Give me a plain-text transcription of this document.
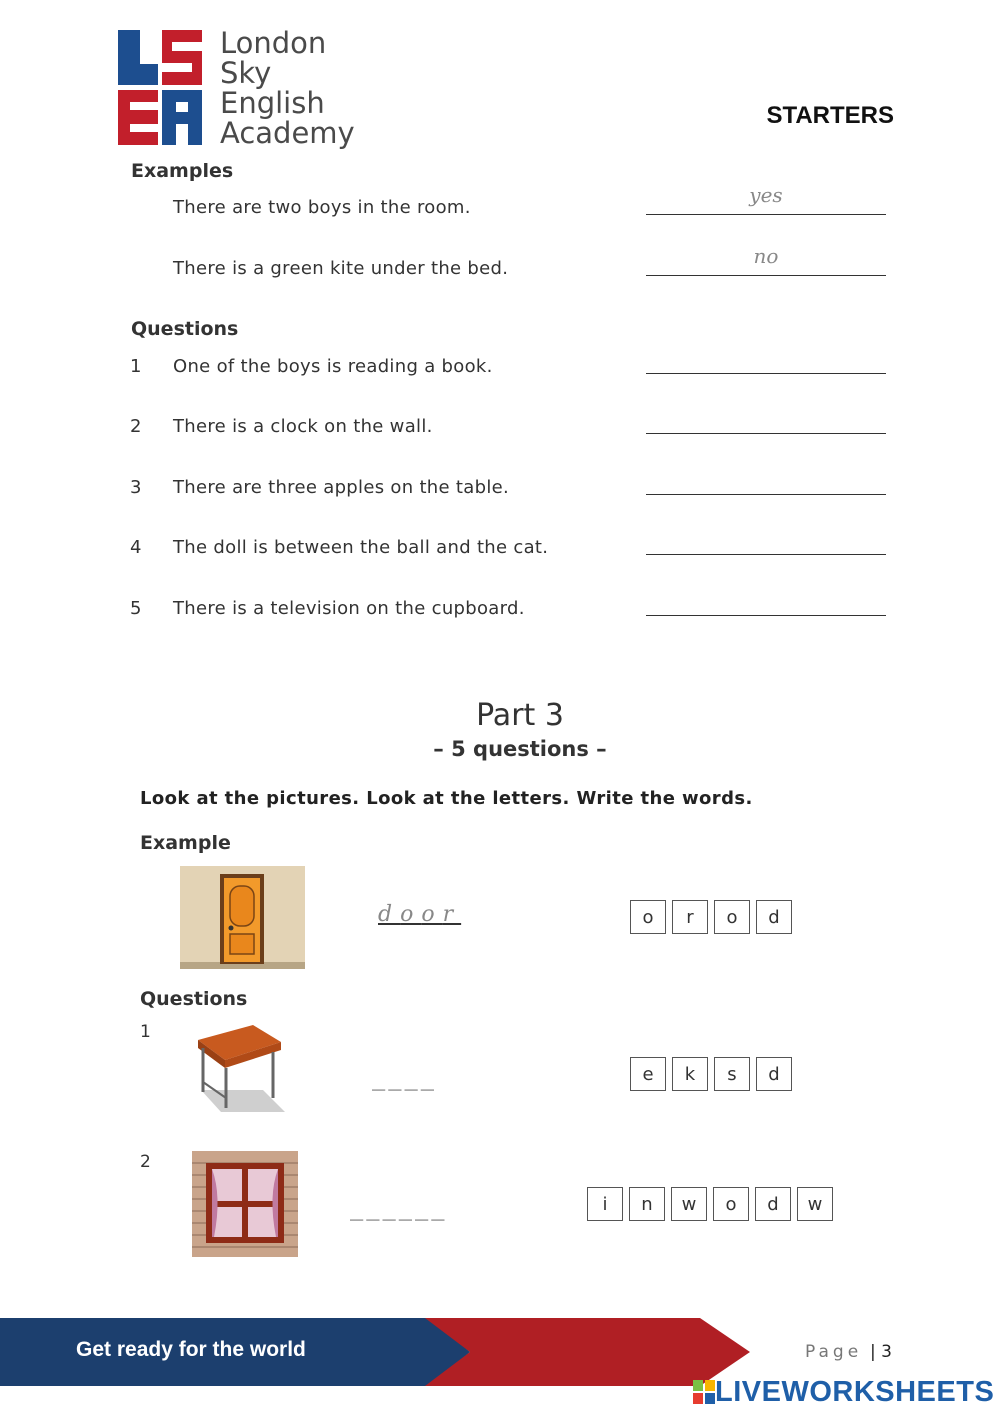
London
Sky
English
Academy
STARTERS
Examples
There are two boys in the room.
yes
There is a green kite under the bed.
no
Questions
1 One of the boys is reading a book.
2 There is a clock on the wall.
3 There are three apples on the table.
4 The doll is between the ball and the cat.
5 There is a television on the cupboard.
Part 3
– 5 questions –
Look at the pictures. Look at the letters. Write the words.
Example
door	o	r	o	d
Questions
1
____	e	k	s	d
2
______	i	n	w	o	d	w
Get ready for the world	Page | 3
LIVEWORKSHEETS
